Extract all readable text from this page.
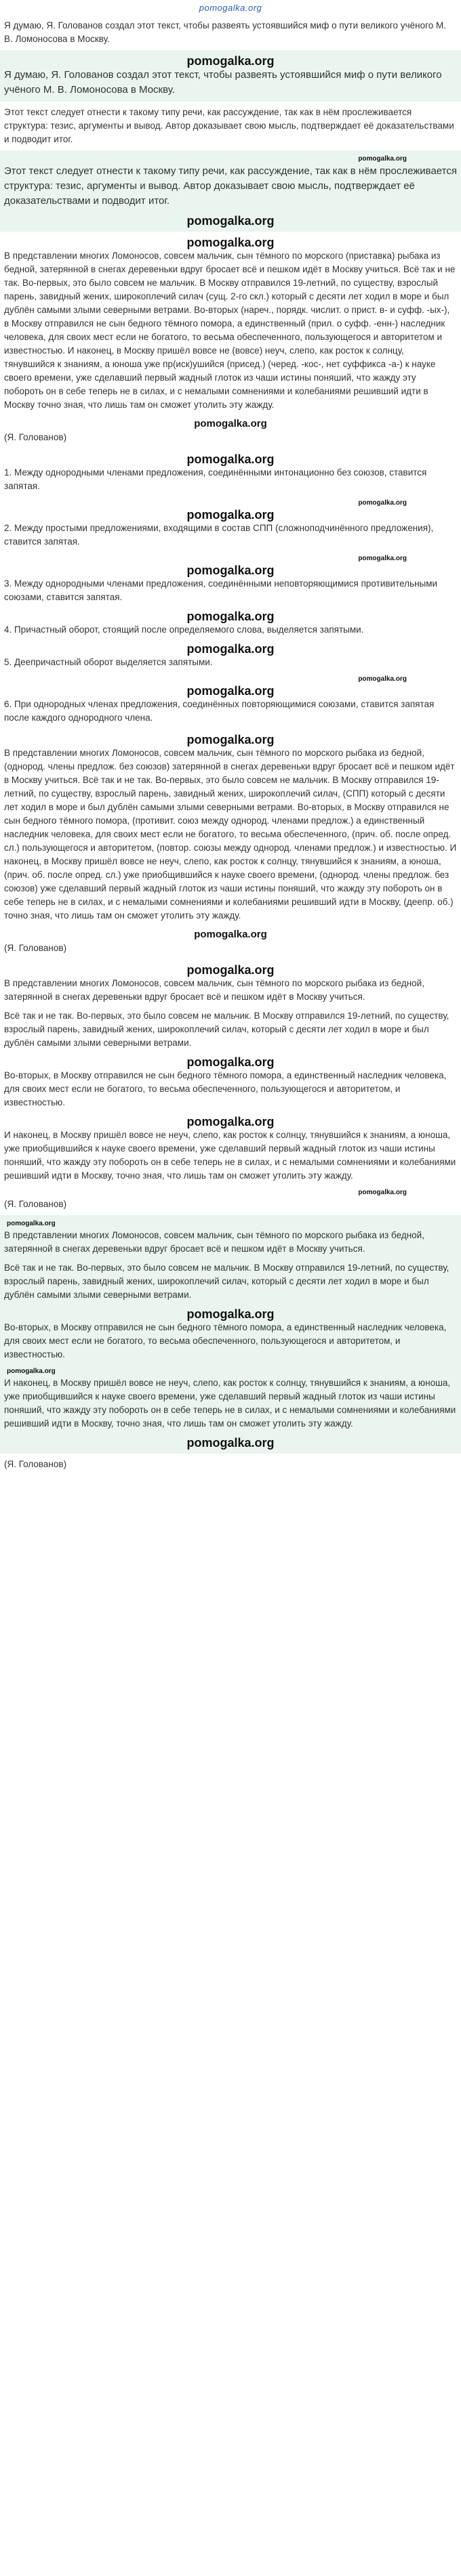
pomogalka.org

Я думаю, Я. Голованов создал этот текст, чтобы развеять устоявшийся миф о пути великого учёного М. В. Ломоносова в Москву.

pomogalka.org

Я думаю, Я. Голованов создал этот текст, чтобы развеять устоявшийся миф о пути великого учёного М. В. Ломоносова в Москву.

Этот текст следует отнести к такому типу речи, как рассуждение, так как в нём прослеживается структура: тезис, аргументы и вывод. Автор доказывает свою мысль, подтверждает её доказательствами и подводит итог.

pomogalka.org

Этот текст следует отнести к такому типу речи, как рассуждение, так как в нём прослеживается структура: тезис, аргументы и вывод. Автор доказывает свою мысль, подтверждает её доказательствами и подводит итог.

pomogalka.org
pomogalka.org

В представлении многих Ломоносов, совсем мальчик, сын тёмного по морского (приставка) рыбака из бедной, затерянной в снегах деревеньки вдруг бросает всё и пешком идёт в Москву учиться. Всё так и не так. Во-первых, это было совсем не мальчик. В Москву отправился 19-летний, по существу, взрослый парень, завидный жених, широкоплечий силач (сущ. 2-го скл.) который с десяти лет ходил в море и был дублён самыми злыми северными ветрами. Во-вторых (нареч., порядк. числит. о прист. в- и суфф. -ых-), в Москву отправился не сын бедного тёмного помора, а единственный (прил. о суфф. -енн-) наследник человека, для своих мест если не богатого, то весьма обеспеченного, пользующегося и авторитетом и известностью. И наконец, в Москву пришёл вовсе не (вовсе) неуч, слепо, как росток к солнцу, тянувшийся к знаниям, а юноша уже пр(иск)ушийся (присед.) (черед. -кос-, нет суффикса -а-) к науке своего времени, уже сделавший первый жадный глоток из чаши истины поняший, что жажду эту побороть он в себе теперь не в силах, и с немалыми сомнениями и колебаниями решивший идти в Москву точно зная, что лишь там он сможет утолить эту жажду.

pomogalka.org

(Я. Голованов)

pomogalka.org

1. Между однородными членами предложения, соединёнными интонационно без союзов, ставится запятая.

pomogalka.org
pomogalka.org

2. Между простыми предложениями, входящими в состав СПП (сложноподчинённого предложения), ставится запятая.

pomogalka.org
pomogalka.org

3. Между однородными членами предложения, соединёнными неповторяющимися противительными союзами, ставится запятая.

pomogalka.org

4. Причастный оборот, стоящий после определяемого слова, выделяется запятыми.

pomogalka.org

5. Деепричастный оборот выделяется запятыми.

pomogalka.org
pomogalka.org

6. При однородных членах предложения, соединённых повторяющимися союзами, ставится запятая после каждого однородного члена.

pomogalka.org

В представлении многих Ломоносов, совсем мальчик, сын тёмного по морского рыбака из бедной, (однород. члены предлож. без союзов) затерянной в снегах деревеньки вдруг бросает всё и пешком идёт в Москву учиться. Всё так и не так. Во-первых, это было совсем не мальчик. В Москву отправился 19-летний, по существу, взрослый парень, завидный жених, широкоплечий силач, (СПП) который с десяти лет ходил в море и был дублён самыми злыми северными ветрами. Во-вторых, в Москву отправился не сын бедного тёмного помора, (противит. союз между однород. членами предлож.) а единственный наследник человека, для своих мест если не богатого, то весьма обеспеченного, (прич. об. после опред. сл.) пользующегося и авторитетом, (повтор. союзы между однород. членами предлож.) и известностью. И наконец, в Москву пришёл вовсе не неуч, слепо, как росток к солнцу, тянувшийся к знаниям, а юноша, (прич. об. после опред. сл.) уже приобщившийся к науке своего времени, (однород. члены предлож. без союзов) уже сделавший первый жадный глоток из чаши истины поняший, что жажду эту побороть он в себе теперь не в силах, и с немалыми сомнениями и колебаниями решивший идти в Москву, (деепр. об.) точно зная, что лишь там он сможет утолить эту жажду.

pomogalka.org

(Я. Голованов)

pomogalka.org

В представлении многих Ломоносов, совсем мальчик, сын тёмного по морского рыбака из бедной, затерянной в снегах деревеньки вдруг бросает всё и пешком идёт в Москву учиться.

Всё так и не так. Во-первых, это было совсем не мальчик. В Москву отправился 19-летний, по существу, взрослый парень, завидный жених, широкоплечий силач, который с десяти лет ходил в море и был дублён самыми злыми северными ветрами.

pomogalka.org

Во-вторых, в Москву отправился не сын бедного тёмного помора, а единственный наследник человека, для своих мест если не богатого, то весьма обеспеченного, пользующегося и авторитетом, и известностью.

pomogalka.org

И наконец, в Москву пришёл вовсе не неуч, слепо, как росток к солнцу, тянувшийся к знаниям, а юноша, уже приобщившийся к науке своего времени, уже сделавший первый жадный глоток из чаши истины поняший, что жажду эту побороть он в себе теперь не в силах, и с немалыми сомнениями и колебаниями решивший идти в Москву, точно зная, что лишь там он сможет утолить эту жажду.

pomogalka.org

(Я. Голованов)

pomogalka.org

В представлении многих Ломоносов, совсем мальчик, сын тёмного по морского рыбака из бедной, затерянной в снегах деревеньки вдруг бросает всё и пешком идёт в Москву учиться.

Всё так и не так. Во-первых, это было совсем не мальчик. В Москву отправился 19-летний, по существу, взрослый парень, завидный жених, широкоплечий силач, который с десяти лет ходил в море и был дублён самыми злыми северными ветрами.

pomogalka.org

Во-вторых, в Москву отправился не сын бедного тёмного помора, а единственный наследник человека, для своих мест если не богатого, то весьма обеспеченного, пользующегося и авторитетом, и известностью.

pomogalka.org

И наконец, в Москву пришёл вовсе не неуч, слепо, как росток к солнцу, тянувшийся к знаниям, а юноша, уже приобщившийся к науке своего времени, уже сделавший первый жадный глоток из чаши истины поняший, что жажду эту побороть он в себе теперь не в силах, и с немалыми сомнениями и колебаниями решивший идти в Москву, точно зная, что лишь там он сможет утолить эту жажду.

pomogalka.org

(Я. Голованов)
